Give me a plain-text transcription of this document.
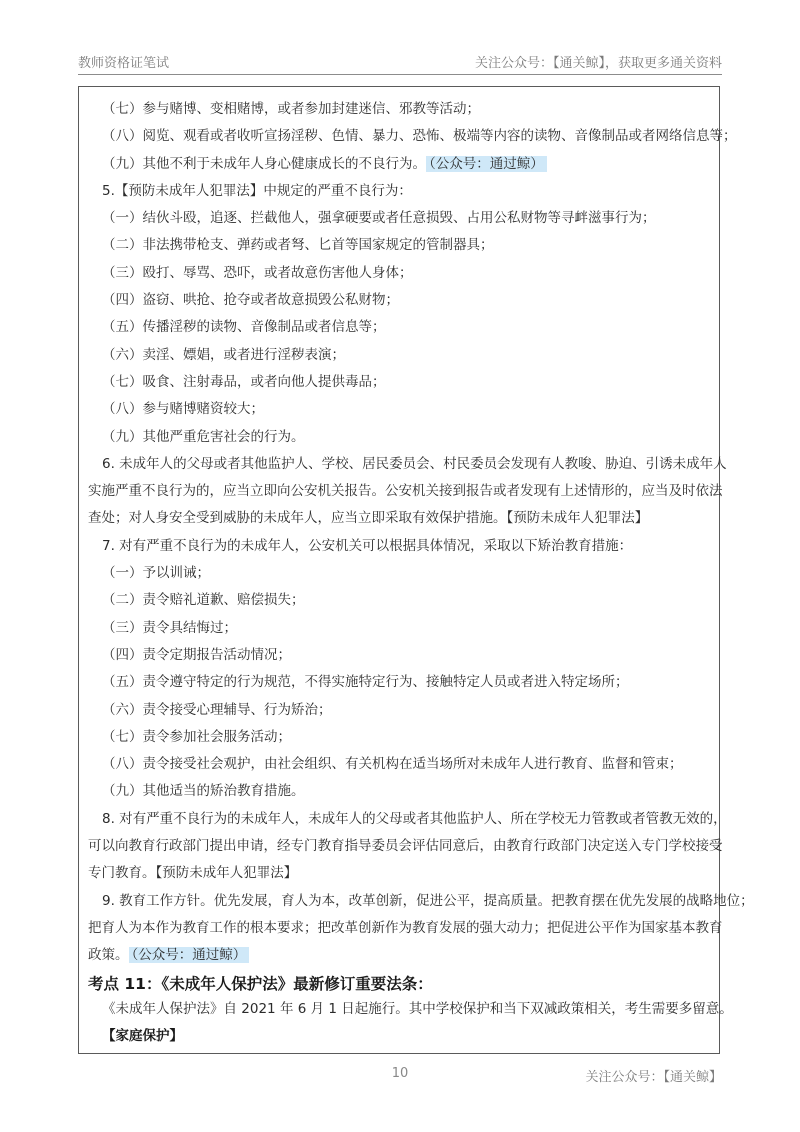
教师资格证笔试	关注公众号：【通关鲸】，获取更多通关资料
（七）参与赌博、变相赌博，或者参加封建迷信、邪教等活动；
（八）阅览、观看或者收听宣扬淫秽、色情、暴力、恐怖、极端等内容的读物、音像制品或者网络信息等；
（九）其他不利于未成年人身心健康成长的不良行为。 （公众号：通过鲸）
5.【预防未成年人犯罪法】中规定的严重不良行为：
（一）结伙斗殴，追逐、拦截他人，强拿硬要或者任意损毁、占用公私财物等寻衅滋事行为；
（二）非法携带枪支、弹药或者弩、匕首等国家规定的管制器具；
（三）殴打、辱骂、恐吓，或者故意伤害他人身体；
（四）盗窃、哄抢、抢夺或者故意损毁公私财物；
（五）传播淫秽的读物、音像制品或者信息等；
（六）卖淫、嫖娼，或者进行淫秽表演；
（七）吸食、注射毒品，或者向他人提供毒品；
（八）参与赌博赌资较大；
（九）其他严重危害社会的行为。
6. 未成年人的父母或者其他监护人、学校、居民委员会、村民委员会发现有人教唆、胁迫、引诱未成年人
实施严重不良行为的，应当立即向公安机关报告。公安机关接到报告或者发现有上述情形的，应当及时依法
查处；对人身安全受到威胁的未成年人，应当立即采取有效保护措施。【预防未成年人犯罪法】
7. 对有严重不良行为的未成年人，公安机关可以根据具体情况，采取以下矫治教育措施：
（一）予以训诫；
（二）责令赔礼道歉、赔偿损失；
（三）责令具结悔过；
（四）责令定期报告活动情况；
（五）责令遵守特定的行为规范，不得实施特定行为、接触特定人员或者进入特定场所；
（六）责令接受心理辅导、行为矫治；
（七）责令参加社会服务活动；
（八）责令接受社会观护，由社会组织、有关机构在适当场所对未成年人进行教育、监督和管束；
（九）其他适当的矫治教育措施。
8. 对有严重不良行为的未成年人，未成年人的父母或者其他监护人、所在学校无力管教或者管教无效的，
可以向教育行政部门提出申请，经专门教育指导委员会评估同意后，由教育行政部门决定送入专门学校接受
专门教育。【预防未成年人犯罪法】
9. 教育工作方针。优先发展，育人为本，改革创新，促进公平，提高质量。把教育摆在优先发展的战略地位；
把育人为本作为教育工作的根本要求；把改革创新作为教育发展的强大动力；把促进公平作为国家基本教育
政策。 （公众号：通过鲸）
考点 11：《未成年人保护法》最新修订重要法条：
《未成年人保护法》自 2021 年 6 月 1 日起施行。其中学校保护和当下双减政策相关，考生需要多留意。
【家庭保护】
10	关注公众号：【通关鲸】
